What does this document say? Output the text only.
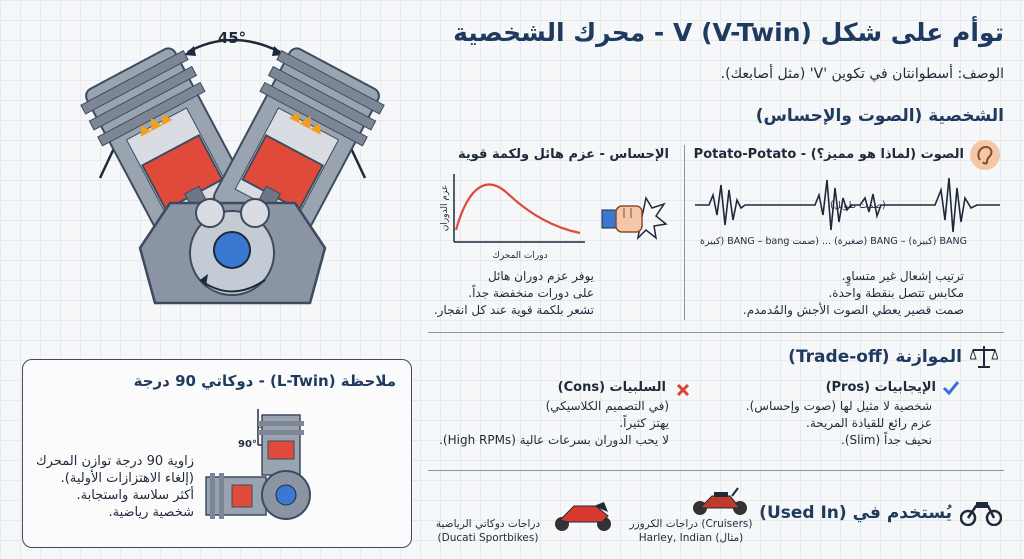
45°	توأم على شكل V (V-Twin) - محرك الشخصية
الوصف: أسطوانتان في تكوين 'V' (مثل أصابعك).
الشخصية (الصوت والإحساس)
الصوت (لماذا هو مميز؟) - Potato-Potato
(صمت طويل)
BANG (كبيرة) – BANG (صغيرة) ... (صمت BANG – bang (كبيرة
ترتيب إشعال غير متساوٍ.
مكابس تتصل بنقطة واحدة.
صمت قصير يعطي الصوت الأجش والمُدمدم.
الإحساس - عزم هائل ولكمة قوية
عزم الدوران
دورات المحرك
يوفر عزم دوران هائل
على دورات منخفضة جداً.
تشعر بلكمة قوية عند كل انفجار.
الموازنة (Trade-off)
الإيجابيات (Pros)
شخصية لا مثيل لها (صوت وإحساس).
عزم رائع للقيادة المريحة.
نحيف جداً (Slim).
السلبيات (Cons)
(في التصميم الكلاسيكي)
يهتز كثيراً.
لا يحب الدوران بسرعات عالية (High RPMs).
يُستخدم في (Used In)
دراجات الكروزر (Cruisers)
Harley, Indian (مثال)
دراجات دوكاتي الرياضية
(Ducati Sportbikes)
ملاحظة (L-Twin) - دوكاتي 90 درجة
90°
زاوية 90 درجة توازن المحرك
(إلغاء الاهتزازات الأولية).
أكثر سلاسة واستجابة.
شخصية رياضية.
